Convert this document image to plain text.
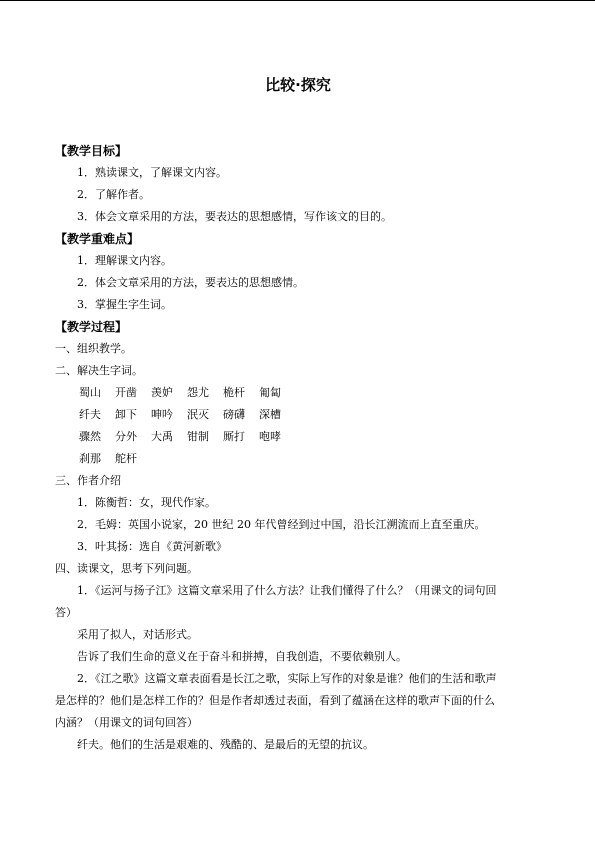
比较·探究
【教学目标】
1．熟读课文，了解课文内容。
2．了解作者。
3．体会文章采用的方法，要表达的思想感情，写作该文的目的。
【教学重难点】
1．理解课文内容。
2．体会文章采用的方法，要表达的思想感情。
3．掌握生字生词。
【教学过程】
一、组织教学。
二、解决生字词。
蜀山 开凿 羡妒 怨尤 桅杆 匍匐
纤夫 卸下 呻吟 泯灭 磅礴 深槽
骤然 分外 大禹 钳制 厮打 咆哮
刹那 舵杆
三、作者介绍
1．陈衡哲：女，现代作家。
2．毛姆：英国小说家，20 世纪 20 年代曾经到过中国，沿长江溯流而上直至重庆。
3．叶其扬：选自《黄河新歌》
四、读课文，思考下列问题。
1．《运河与扬子江》这篇文章采用了什么方法？让我们懂得了什么？（用课文的词句回
答）
采用了拟人，对话形式。
告诉了我们生命的意义在于奋斗和拼搏，自我创造，不要依赖别人。
2．《江之歌》这篇文章表面看是长江之歌，实际上写作的对象是谁？他们的生活和歌声
是怎样的？他们是怎样工作的？但是作者却透过表面，看到了蕴涵在这样的歌声下面的什么
内涵？（用课文的词句回答）
纤夫。他们的生活是艰难的、残酷的、是最后的无望的抗议。
